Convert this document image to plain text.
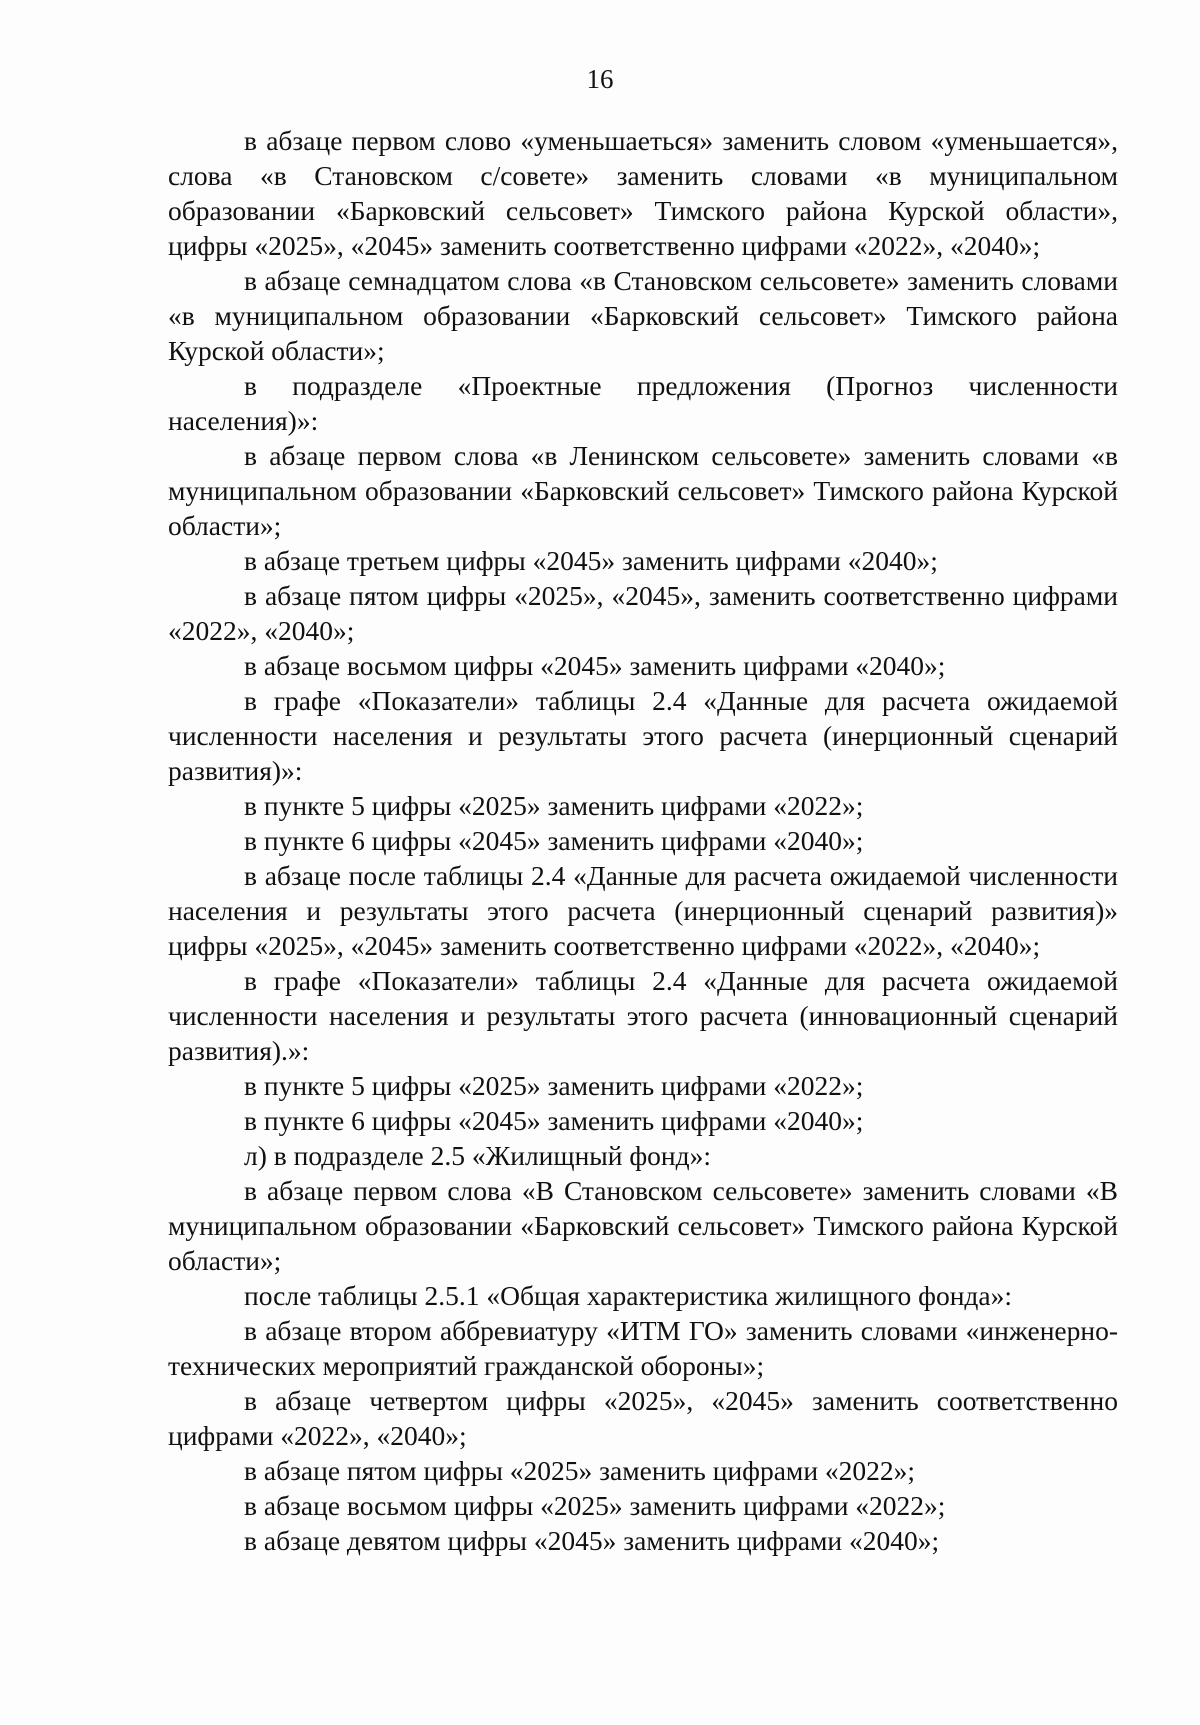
16

в абзаце первом слово «уменьшаеться» заменить словом «уменьшается», слова «в Становском с/совете» заменить словами «в муниципальном образовании «Барковский сельсовет» Тимского района Курской области», цифры «2025», «2045» заменить соответственно цифрами «2022», «2040»;

в абзаце семнадцатом слова «в Становском сельсовете» заменить словами «в муниципальном образовании «Барковский сельсовет» Тимского района Курской области»;

в подразделе «Проектные предложения (Прогноз численности населения)»:

в абзаце первом слова «в Ленинском сельсовете» заменить словами «в муниципальном образовании «Барковский сельсовет» Тимского района Курской области»;

в абзаце третьем цифры «2045» заменить цифрами «2040»;

в абзаце пятом цифры «2025», «2045», заменить соответственно цифрами «2022», «2040»;

в абзаце восьмом цифры «2045» заменить цифрами «2040»;

в графе «Показатели» таблицы 2.4 «Данные для расчета ожидаемой численности населения и результаты этого расчета (инерционный сценарий развития)»:

в пункте 5 цифры «2025» заменить цифрами «2022»;

в пункте 6 цифры «2045» заменить цифрами «2040»;

в абзаце после таблицы 2.4 «Данные для расчета ожидаемой численности населения и результаты этого расчета (инерционный сценарий развития)» цифры «2025», «2045» заменить соответственно цифрами «2022», «2040»;

в графе «Показатели» таблицы 2.4 «Данные для расчета ожидаемой численности населения и результаты этого расчета (инновационный сценарий развития).»:

в пункте 5 цифры «2025» заменить цифрами «2022»;

в пункте 6 цифры «2045» заменить цифрами «2040»;

л) в подразделе 2.5 «Жилищный фонд»:

в абзаце первом слова «В Становском сельсовете» заменить словами «В муниципальном образовании «Барковский сельсовет» Тимского района Курской области»;

после таблицы 2.5.1 «Общая характеристика жилищного фонда»:

в абзаце втором аббревиатуру «ИТМ ГО» заменить словами «инженерно-технических мероприятий гражданской обороны»;

в абзаце четвертом цифры «2025», «2045» заменить соответственно цифрами «2022», «2040»;

в абзаце пятом цифры «2025» заменить цифрами «2022»;

в абзаце восьмом цифры «2025» заменить цифрами «2022»;

в абзаце девятом цифры «2045» заменить цифрами «2040»;
